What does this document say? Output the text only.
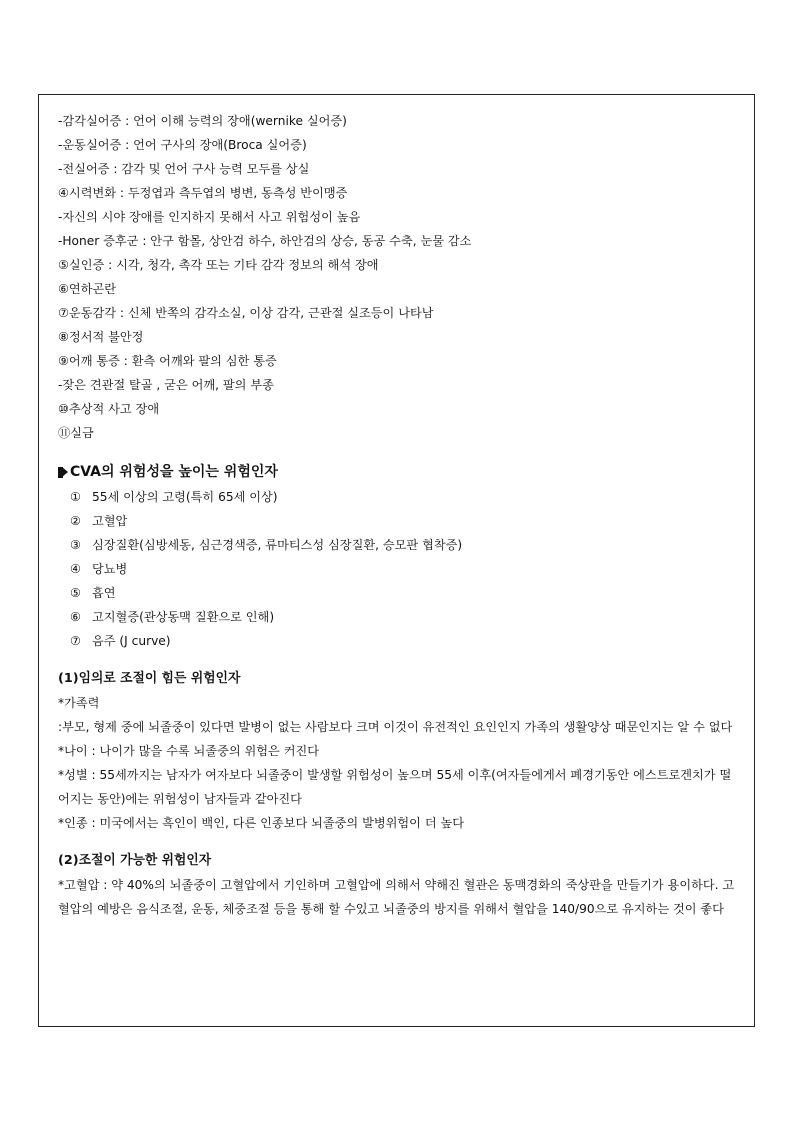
-감각실어증 : 언어 이해 능력의 장애(wernike 실어증)
-운동실어증 : 언어 구사의 장애(Broca 실어증)
-전실어증 : 감각 및 언어 구사 능력 모두를 상실
④시력변화 : 두정엽과 측두엽의 병변, 동측성 반이맹증
-자신의 시야 장애를 인지하지 못해서 사고 위험성이 높음
-Honer 증후군 : 안구 함몰, 상안검 하수, 하안검의 상승, 동공 수축, 눈물 감소
⑤실인증 : 시각, 청각, 촉각 또는 기타 감각 정보의 해석 장애
⑥연하곤란
⑦운동감각 : 신체 반쪽의 감각소실, 이상 감각, 근관절 실조등이 나타남
⑧정서적 불안정
⑨어깨 통증 : 환측 어깨와 팔의 심한 통증
-잦은 견관절 탈골 , 굳은 어깨, 팔의 부종
⑩추상적 사고 장애
⑪실금
CVA의 위험성을 높이는 위험인자
① 55세 이상의 고령(특히 65세 이상)
② 고혈압
③ 심장질환(심방세동, 심근경색증, 류마티스성 심장질환, 승모판 협착증)
④ 당뇨병
⑤ 흡연
⑥ 고지혈증(관상동맥 질환으로 인해)
⑦ 음주 (J curve)
(1)임의로 조절이 힘든 위험인자
*가족력
:부모, 형제 중에 뇌졸중이 있다면 발병이 없는 사람보다 크며 이것이 유전적인 요인인지 가족의 생활양상 때문인지는 알 수 없다
*나이 : 나이가 많을 수록 뇌졸중의 위험은 커진다
*성별 : 55세까지는 남자가 여자보다 뇌졸중이 발생할 위험성이 높으며 55세 이후(여자들에게서 폐경기동안 에스트로겐치가 떨어지는 동안)에는 위험성이 남자들과 같아진다
*인종 : 미국에서는 흑인이 백인, 다른 인종보다 뇌졸중의 발병위험이 더 높다
(2)조절이 가능한 위험인자
*고혈압 : 약 40%의 뇌졸중이 고혈압에서 기인하며 고혈압에 의해서 약해진 혈관은 동맥경화의 죽상판을 만들기가 용이하다. 고혈압의 예방은 음식조절, 운동, 체중조절 등을 통해 할 수있고 뇌졸중의 방지를 위해서 혈압을 140/90으로 유지하는 것이 좋다
